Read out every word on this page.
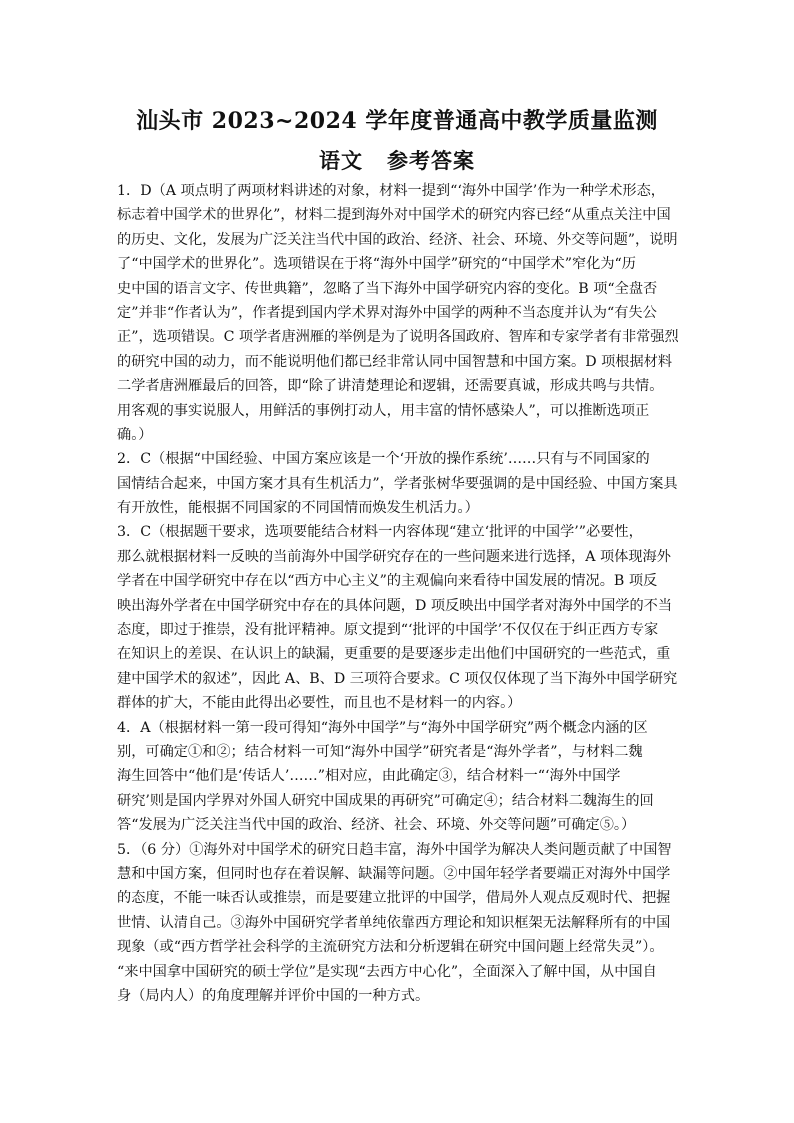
汕头市 2023~2024 学年度普通高中教学质量监测
语文 参考答案
1．D（A 项点明了两项材料讲述的对象，材料一提到“‘海外中国学’作为一种学术形态，
标志着中国学术的世界化”，材料二提到海外对中国学术的研究内容已经“从重点关注中国
的历史、文化，发展为广泛关注当代中国的政治、经济、社会、环境、外交等问题”，说明
了“中国学术的世界化”。选项错误在于将“海外中国学”研究的“中国学术”窄化为“历
史中国的语言文字、传世典籍”，忽略了当下海外中国学研究内容的变化。B 项“全盘否
定”并非“作者认为”，作者提到国内学术界对海外中国学的两种不当态度并认为“有失公
正”，选项错误。C 项学者唐洲雁的举例是为了说明各国政府、智库和专家学者有非常强烈
的研究中国的动力，而不能说明他们都已经非常认同中国智慧和中国方案。D 项根据材料
二学者唐洲雁最后的回答，即“除了讲清楚理论和逻辑，还需要真诚，形成共鸣与共情。
用客观的事实说服人，用鲜活的事例打动人，用丰富的情怀感染人”，可以推断选项正
确。）
2．C（根据“中国经验、中国方案应该是一个‘开放的操作系统’……只有与不同国家的
国情结合起来，中国方案才具有生机活力”，学者张树华要强调的是中国经验、中国方案具
有开放性，能根据不同国家的不同国情而焕发生机活力。）
3．C（根据题干要求，选项要能结合材料一内容体现“建立‘批评的中国学’”必要性，
那么就根据材料一反映的当前海外中国学研究存在的一些问题来进行选择，A 项体现海外
学者在中国学研究中存在以“西方中心主义”的主观偏向来看待中国发展的情况。B 项反
映出海外学者在中国学研究中存在的具体问题，D 项反映出中国学者对海外中国学的不当
态度，即过于推崇，没有批评精神。原文提到“‘批评的中国学’不仅仅在于纠正西方专家
在知识上的差误、在认识上的缺漏，更重要的是要逐步走出他们中国研究的一些范式，重
建中国学术的叙述”，因此 A、B、D 三项符合要求。C 项仅仅体现了当下海外中国学研究
群体的扩大，不能由此得出必要性，而且也不是材料一的内容。）
4．A（根据材料一第一段可得知“海外中国学”与“海外中国学研究”两个概念内涵的区
别，可确定①和②；结合材料一可知“海外中国学”研究者是“海外学者”，与材料二魏
海生回答中“他们是‘传话人’……”相对应，由此确定③，结合材料一“‘海外中国学
研究’则是国内学界对外国人研究中国成果的再研究”可确定④；结合材料二魏海生的回
答“发展为广泛关注当代中国的政治、经济、社会、环境、外交等问题”可确定⑤。）
5．（6 分）①海外对中国学术的研究日趋丰富，海外中国学为解决人类问题贡献了中国智
慧和中国方案，但同时也存在着误解、缺漏等问题。②中国年轻学者要端正对海外中国学
的态度，不能一味否认或推崇，而是要建立批评的中国学，借局外人观点反观时代、把握
世情、认清自己。③海外中国研究学者单纯依靠西方理论和知识框架无法解释所有的中国
现象（或“西方哲学社会科学的主流研究方法和分析逻辑在研究中国问题上经常失灵”）。
“来中国拿中国研究的硕士学位”是实现“去西方中心化”，全面深入了解中国，从中国自
身（局内人）的角度理解并评价中国的一种方式。
